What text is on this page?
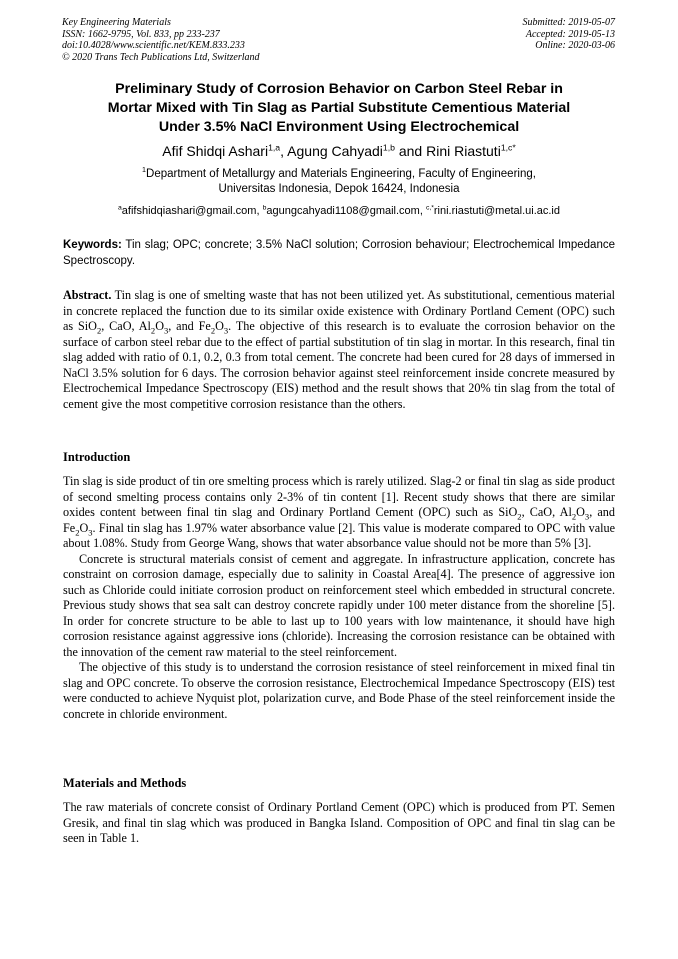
Key Engineering Materials
ISSN: 1662-9795, Vol. 833, pp 233-237
doi:10.4028/www.scientific.net/KEM.833.233
© 2020 Trans Tech Publications Ltd, Switzerland
Submitted: 2019-05-07
Accepted: 2019-05-13
Online: 2020-03-06
Preliminary Study of Corrosion Behavior on Carbon Steel Rebar in
Mortar Mixed with Tin Slag as Partial Substitute Cementious Material
Under 3.5% NaCl Environment Using Electrochemical
Afif Shidqi Ashari$^{1,a}$, Agung Cahyadi$^{1,b}$ and Rini Riastuti$^{1,c*}$
$^1$Department of Metallurgy and Materials Engineering, Faculty of Engineering,
Universitas Indonesia, Depok 16424, Indonesia
$^a$afifshidqiashari@gmail.com, $^b$agungcahyadi1108@gmail.com, $^{c,*}$rini.riastuti@metal.ui.ac.id
Keywords: Tin slag; OPC; concrete; 3.5% NaCl solution; Corrosion behaviour; Electrochemical Impedance Spectroscopy.
Abstract. Tin slag is one of smelting waste that has not been utilized yet. As substitutional, cementious material in concrete replaced the function due to its similar oxide existence with Ordinary Portland Cement (OPC) such as SiO$_2$, CaO, $Al_2O_3$, and $Fe_2O_3$. The objective of this research is to evaluate the corrosion behavior on the surface of carbon steel rebar due to the effect of partial substitution of tin slag in mortar. In this research, final tin slag added with ratio of 0.1, 0.2, 0.3 from total cement. The concrete had been cured for 28 days of immersed in NaCl 3.5% solution for 6 days. The corrosion behavior against steel reinforcement inside concrete measured by Electrochemical Impedance Spectroscopy (EIS) method and the result shows that 20% tin slag from the total of cement give the most competitive corrosion resistance than the others.
Introduction

Tin slag is side product of tin ore smelting process which is rarely utilized. Slag-2 or final tin slag as side product of second smelting process contains only 2-3% of tin content [1]. Recent study shows that there are similar oxides content between final tin slag and Ordinary Portland Cement (OPC) such as SiO$_2$, CaO, $Al_2O_3$, and $Fe_2O_3$. Final tin slag has 1.97% water absorbance value [2]. This value is moderate compared to OPC with value about 1.08%. Study from George Wang, shows that water absorbance value should not be more than 5% [3].

Concrete is structural materials consist of cement and aggregate. In infrastructure application, concrete has constraint on corrosion damage, especially due to salinity in Coastal Area[4]. The presence of aggressive ion such as Chloride could initiate corrosion product on reinforcement steel which embedded in structural concrete. Previous study shows that sea salt can destroy concrete rapidly under 100 meter distance from the shoreline [5]. In order for concrete structure to be able to last up to 100 years with low maintenance, it should have high corrosion resistance against aggressive ions (chloride). Increasing the corrosion resistance can be obtained with the innovation of the cement raw material to the steel reinforcement.

The objective of this study is to understand the corrosion resistance of steel reinforcement in mixed final tin slag and OPC concrete. To observe the corrosion resistance, Electrochemical Impedance Spectroscopy (EIS) test were conducted to achieve Nyquist plot, polarization curve, and Bode Phase of the steel reinforcement inside the concrete in chloride environment.

Materials and Methods

The raw materials of concrete consist of Ordinary Portland Cement (OPC) which is produced from PT. Semen Gresik, and final tin slag which was produced in Bangka Island. Composition of OPC and final tin slag can be seen in Table 1.
